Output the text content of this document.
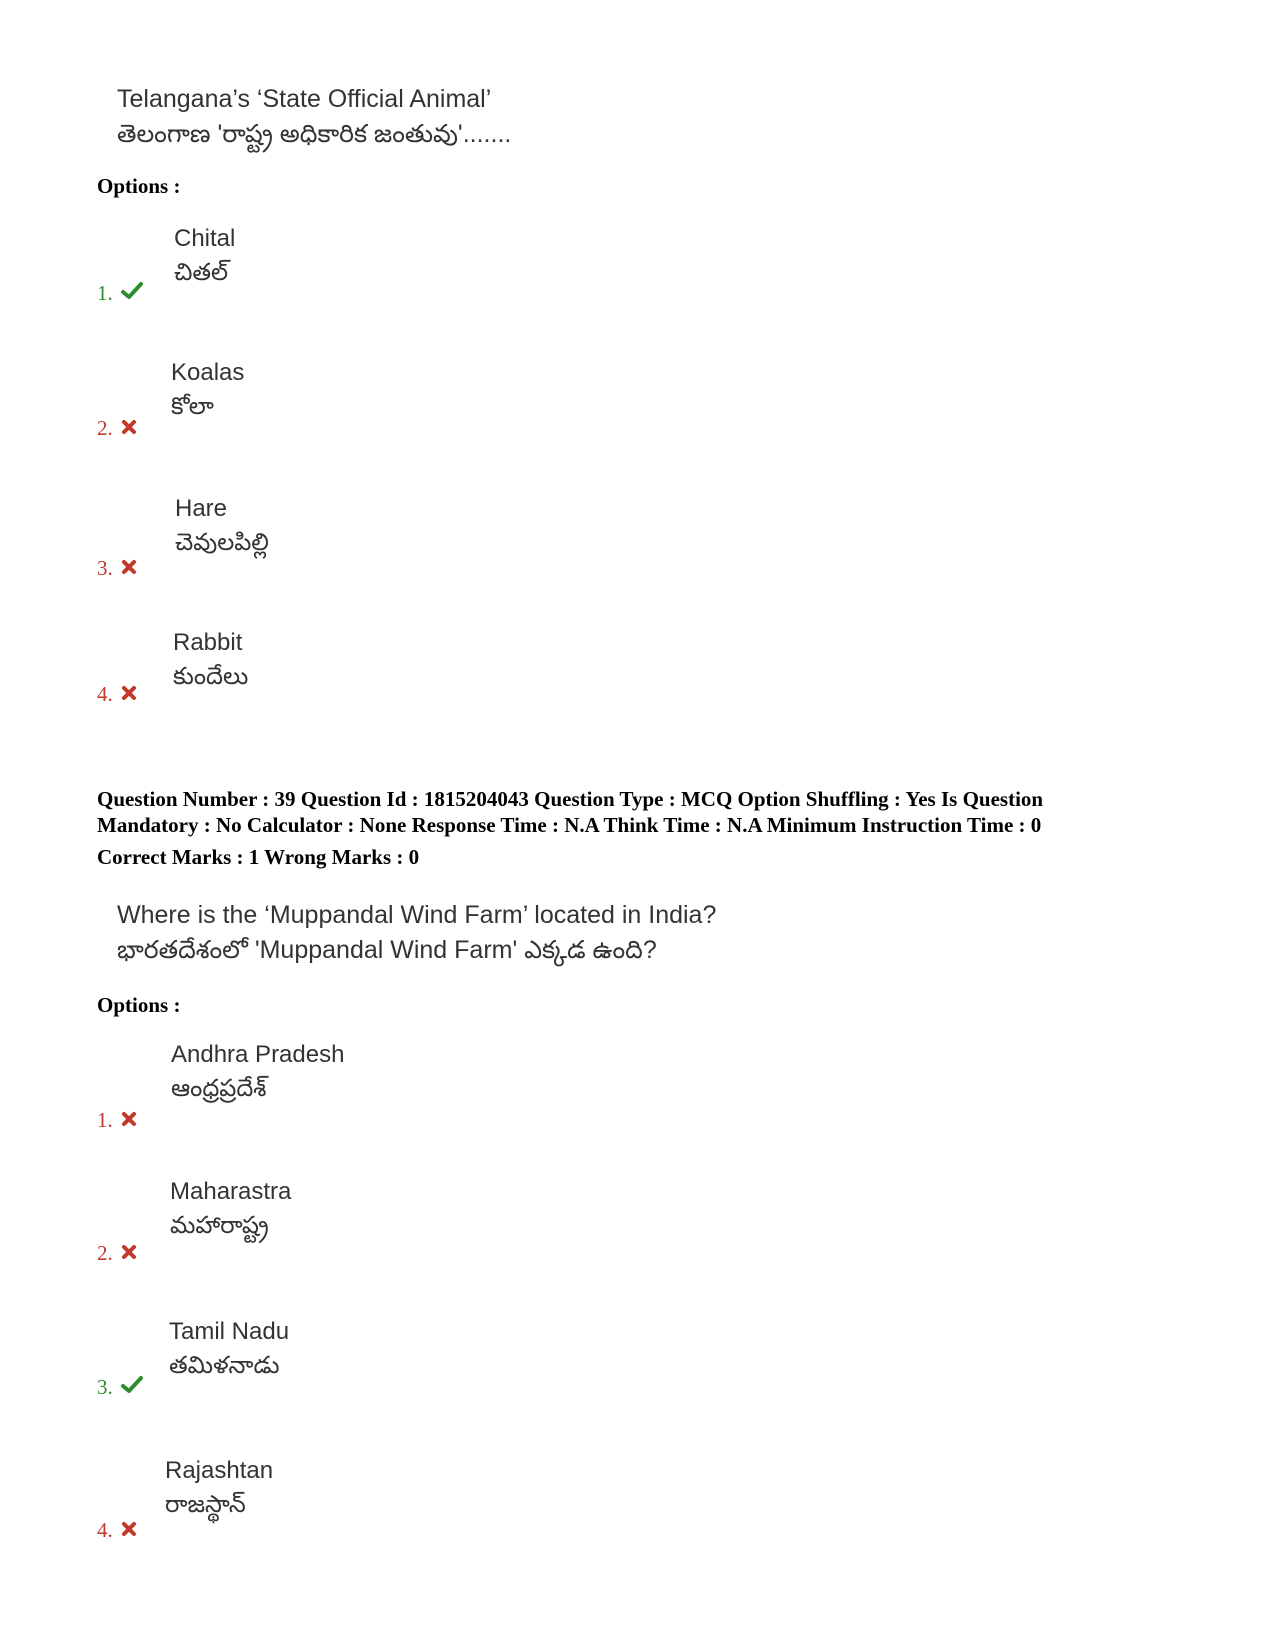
Telangana’s ‘State Official Animal’
తెలంగాణ 'రాష్ట్ర అధికారిక జంతువు'.......
Options :
Chital
చితల్
1.
Koalas
కోలా
2.
Hare
చెవులపిల్లి
3.
Rabbit
కుందేలు
4.
Question Number : 39 Question Id : 1815204043 Question Type : MCQ Option Shuffling : Yes Is Question
Mandatory : No Calculator : None Response Time : N.A Think Time : N.A Minimum Instruction Time : 0
Correct Marks : 1 Wrong Marks : 0
Where is the ‘Muppandal Wind Farm’ located in India?
భారతదేశంలో 'Muppandal Wind Farm' ఎక్కడ ఉంది?
Options :
Andhra Pradesh
ఆంధ్రప్రదేశ్
1.
Maharastra
మహారాష్ట్ర
2.
Tamil Nadu
తమిళనాడు
3.
Rajashtan
రాజస్థాన్
4.
